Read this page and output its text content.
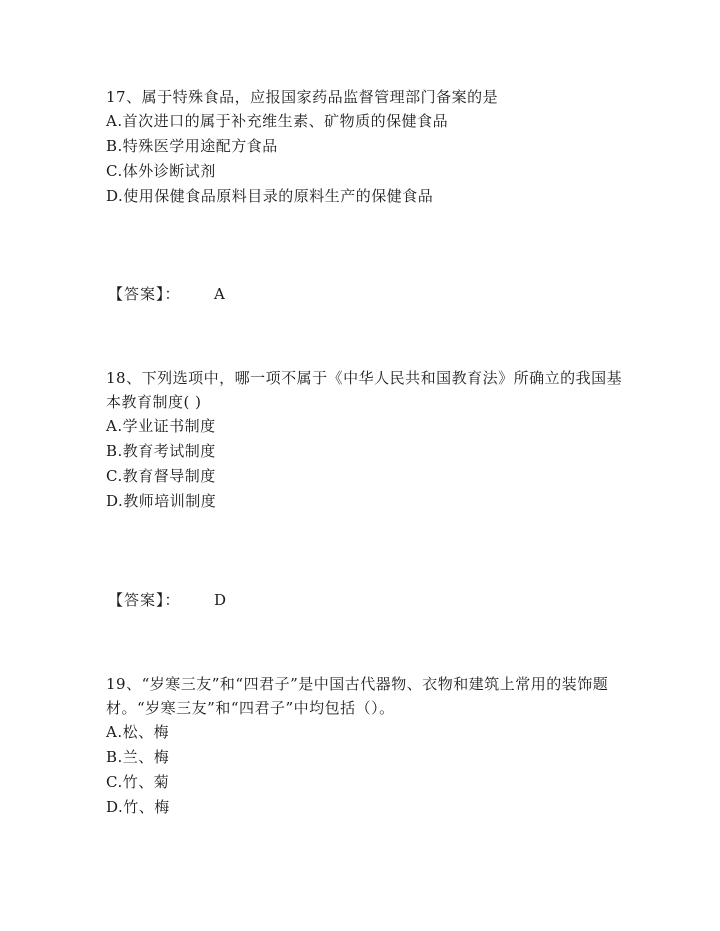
17、属于特殊食品，应报国家药品监督管理部门备案的是

A.首次进口的属于补充维生素、矿物质的保健食品

B.特殊医学用途配方食品

C.体外诊断试剂

D.使用保健食品原料目录的原料生产的保健食品

【答案】： A

18、下列选项中，哪一项不属于《中华人民共和国教育法》所确立的我国基本教育制度( )

A.学业证书制度

B.教育考试制度

C.教育督导制度

D.教师培训制度

【答案】： D

19、“岁寒三友”和“四君子”是中国古代器物、衣物和建筑上常用的装饰题材。“岁寒三友”和“四君子”中均包括（）。

A.松、梅

B.兰、梅

C.竹、菊

D.竹、梅
